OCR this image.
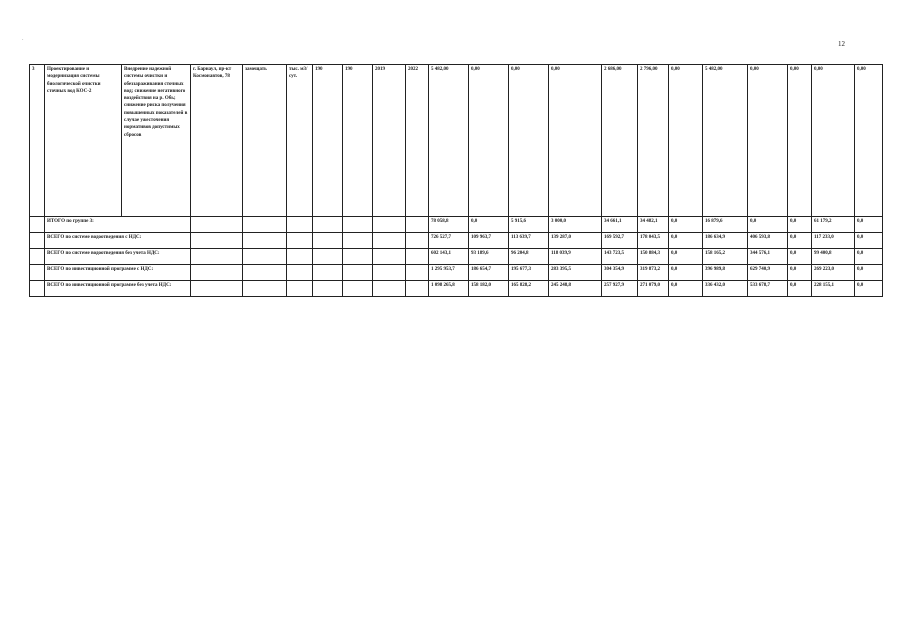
.
12
3	Проектирование и модернизация системы биологической очистки сточных вод КОС-2	Внедрение надежной системы очистки и обеззараживания сточных вод; снижение негативного воздействия на р. Обь; снижение риска получения повышенных показателей в случае ужесточения нормативов допустимых сбросов	г. Барнаул, пр-кт Космонавтов, 78	замещать	тыс. м3/ сут.	190	190	2019	2022	5 482,00	0,00	0,00	0,00	2 686,00	2 796,00	0,00	5 482,00	0,00	0,00	0,00	0,00
	ИТОГО по группе 3:									78 058,8	0,0	5 915,6	3 000,0	34 661,1	34 482,1	0,0	16 879,6	0,0	0,0	61 179,2	0,0
	ВСЕГО по системе водоотведения с НДС:									726 527,7	109 963,7	113 639,7	139 287,0	169 592,7	178 043,5	0,0	186 634,9	406 593,8	0,0	117 233,0	0,0
	ВСЕГО по системе водоотведения без учета НДС:									602 143,1	93 189,6	96 204,8	118 039,9	143 723,5	150 884,3	0,0	158 165,2	344 576,1	0,0	99 400,8	0,0
	ВСЕГО по инвестиционной программе с НДС:									1 295 953,7	186 654,7	195 677,3	283 395,5	304 354,9	319 873,2	0,0	396 989,8	629 740,9	0,0	269 223,0	0,0
	ВСЕГО по инвестиционной программе без учета НДС:									1 098 265,8	158 182,0	165 828,2	245 248,8	257 927,9	271 079,0	0,0	336 432,0	533 678,7	0,0	228 155,1	0,0
